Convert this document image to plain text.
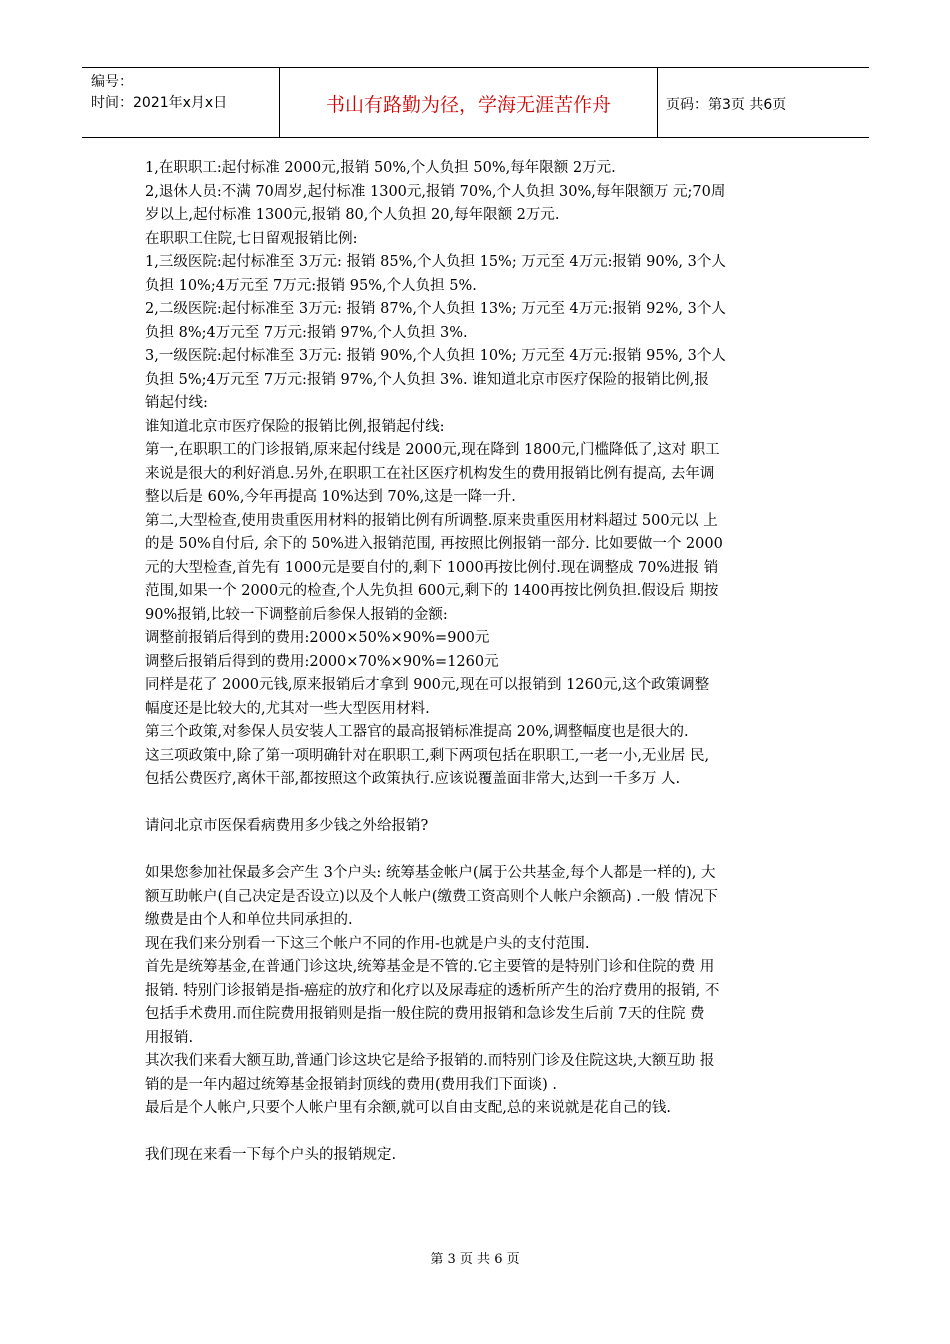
编号：
时间：2021年x月x日	书山有路勤为径，学海无涯苦作舟	页码：第3页 共6页

1,在职职工:起付标准 2000元,报销 50%,个人负担 50%,每年限额 2万元.

2,退休人员:不满 70周岁,起付标准 1300元,报销 70%,个人负担 30%,每年限额万 元;70周

岁以上,起付标准 1300元,报销 80,个人负担 20,每年限额 2万元.

在职职工住院,七日留观报销比例:

1,三级医院:起付标准至 3万元: 报销 85%,个人负担 15%; 万元至 4万元:报销 90%, 3个人

负担 10%;4万元至 7万元:报销 95%,个人负担 5%.

2,二级医院:起付标准至 3万元: 报销 87%,个人负担 13%; 万元至 4万元:报销 92%, 3个人

负担 8%;4万元至 7万元:报销 97%,个人负担 3%.

3,一级医院:起付标准至 3万元: 报销 90%,个人负担 10%; 万元至 4万元:报销 95%, 3个人

负担 5%;4万元至 7万元:报销 97%,个人负担 3%. 谁知道北京市医疗保险的报销比例,报

销起付线:

谁知道北京市医疗保险的报销比例,报销起付线:

第一,在职职工的门诊报销,原来起付线是 2000元,现在降到 1800元,门槛降低了,这对 职工

来说是很大的利好消息.另外,在职职工在社区医疗机构发生的费用报销比例有提高, 去年调

整以后是 60%,今年再提高 10%达到 70%,这是一降一升.

第二,大型检查,使用贵重医用材料的报销比例有所调整.原来贵重医用材料超过 500元以 上

的是 50%自付后, 余下的 50%进入报销范围, 再按照比例报销一部分. 比如要做一个 2000

元的大型检查,首先有 1000元是要自付的,剩下 1000再按比例付.现在调整成 70%进报 销

范围,如果一个 2000元的检查,个人先负担 600元,剩下的 1400再按比例负担.假设后 期按

90%报销,比较一下调整前后参保人报销的金额:

调整前报销后得到的费用:2000×50%×90%=900元

调整后报销后得到的费用:2000×70%×90%=1260元

同样是花了 2000元钱,原来报销后才拿到 900元,现在可以报销到 1260元,这个政策调整

幅度还是比较大的,尤其对一些大型医用材料.

第三个政策,对参保人员安装人工器官的最高报销标准提高 20%,调整幅度也是很大的.

这三项政策中,除了第一项明确针对在职职工,剩下两项包括在职职工,一老一小,无业居 民,

包括公费医疗,离休干部,都按照这个政策执行.应该说覆盖面非常大,达到一千多万 人.

请问北京市医保看病费用多少钱之外给报销?

如果您参加社保最多会产生 3个户头: 统筹基金帐户(属于公共基金,每个人都是一样的), 大

额互助帐户(自己决定是否设立)以及个人帐户(缴费工资高则个人帐户余额高) .一般 情况下

缴费是由个人和单位共同承担的.

现在我们来分别看一下这三个帐户不同的作用-也就是户头的支付范围.

首先是统筹基金,在普通门诊这块,统筹基金是不管的.它主要管的是特别门诊和住院的费 用

报销. 特别门诊报销是指-癌症的放疗和化疗以及尿毒症的透析所产生的治疗费用的报销, 不

包括手术费用.而住院费用报销则是指一般住院的费用报销和急诊发生后前 7天的住院 费

用报销.

其次我们来看大额互助,普通门诊这块它是给予报销的.而特别门诊及住院这块,大额互助 报

销的是一年内超过统筹基金报销封顶线的费用(费用我们下面谈) .

最后是个人帐户,只要个人帐户里有余额,就可以自由支配,总的来说就是花自己的钱.

我们现在来看一下每个户头的报销规定.

第 3 页 共 6 页
